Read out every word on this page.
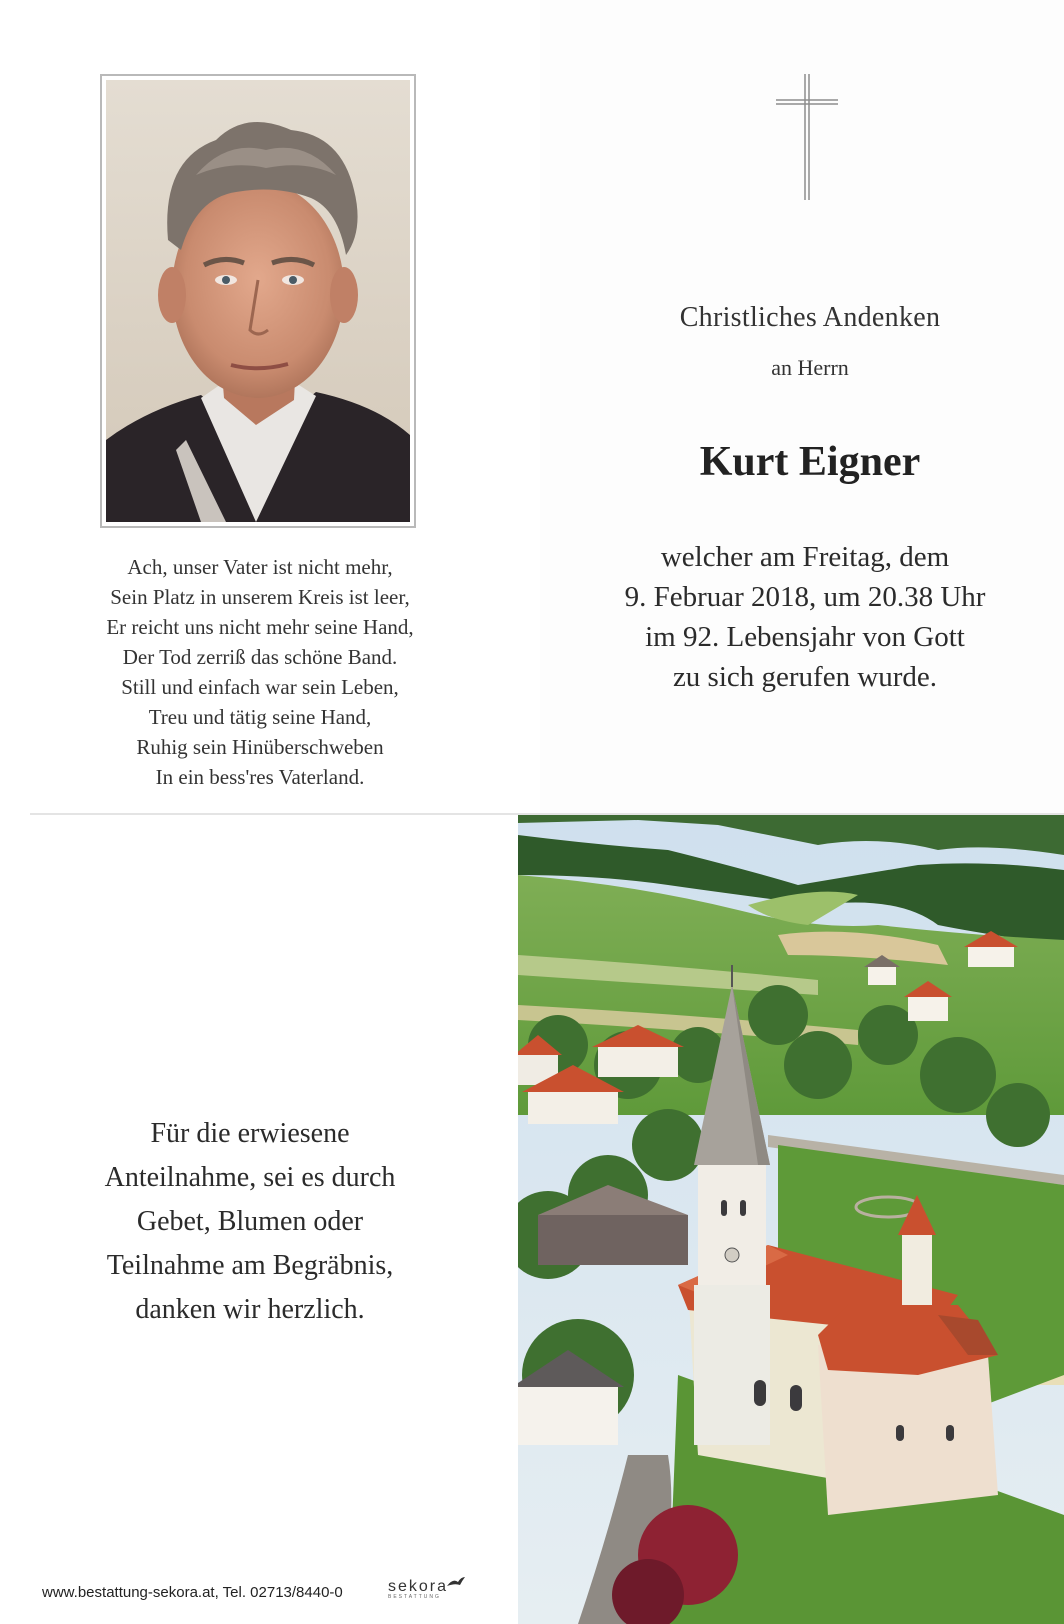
Ach, unser Vater ist nicht mehr,
Sein Platz in unserem Kreis ist leer,
Er reicht uns nicht mehr seine Hand,
Der Tod zerriß das schöne Band.
Still und einfach war sein Leben,
Treu und tätig seine Hand,
Ruhig sein Hinüberschweben
In ein bess'res Vaterland.
Christliches Andenken
an Herrn
Kurt Eigner
welcher am Freitag, dem
9. Februar 2018, um 20.38 Uhr
im 92. Lebensjahr von Gott
zu sich gerufen wurde.
Für die erwiesene
Anteilnahme, sei es durch
Gebet, Blumen oder
Teilnahme am Begräbnis,
danken wir herzlich.
www.bestattung-sekora.at, Tel. 02713/8440-0	sekora
BESTATTUNG
